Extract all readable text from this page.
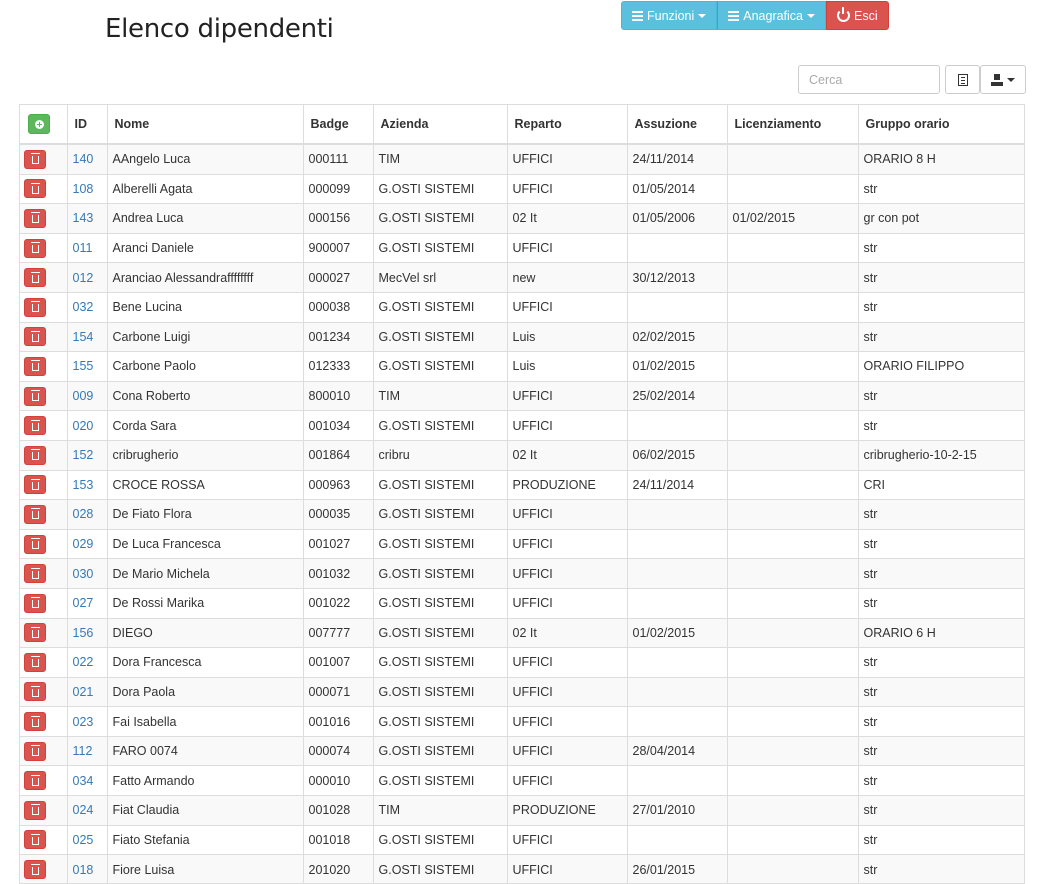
Elenco dipendenti	Funzioni	Anagrafica	Esci
Cerca
	ID	Nome	Badge	Azienda	Reparto	Assuzione	Licenziamento	Gruppo orario

	140	AAngelo Luca	000111	TIM	UFFICI	24/11/2014		ORARIO 8 H

	108	Alberelli Agata	000099	G.OSTI SISTEMI	UFFICI	01/05/2014		str

	143	Andrea Luca	000156	G.OSTI SISTEMI	02 It	01/05/2006	01/02/2015	gr con pot

	011	Aranci Daniele	900007	G.OSTI SISTEMI	UFFICI			str

	012	Aranciao Alessandraffffffff	000027	MecVel srl	new	30/12/2013		str

	032	Bene Lucina	000038	G.OSTI SISTEMI	UFFICI			str

	154	Carbone Luigi	001234	G.OSTI SISTEMI	Luis	02/02/2015		str

	155	Carbone Paolo	012333	G.OSTI SISTEMI	Luis	01/02/2015		ORARIO FILIPPO

	009	Cona Roberto	800010	TIM	UFFICI	25/02/2014		str

	020	Corda Sara	001034	G.OSTI SISTEMI	UFFICI			str

	152	cribrugherio	001864	cribru	02 It	06/02/2015		cribrugherio-10-2-15

	153	CROCE ROSSA	000963	G.OSTI SISTEMI	PRODUZIONE	24/11/2014		CRI

	028	De Fiato Flora	000035	G.OSTI SISTEMI	UFFICI			str

	029	De Luca Francesca	001027	G.OSTI SISTEMI	UFFICI			str

	030	De Mario Michela	001032	G.OSTI SISTEMI	UFFICI			str

	027	De Rossi Marika	001022	G.OSTI SISTEMI	UFFICI			str

	156	DIEGO	007777	G.OSTI SISTEMI	02 It	01/02/2015		ORARIO 6 H

	022	Dora Francesca	001007	G.OSTI SISTEMI	UFFICI			str

	021	Dora Paola	000071	G.OSTI SISTEMI	UFFICI			str

	023	Fai Isabella	001016	G.OSTI SISTEMI	UFFICI			str

	112	FARO 0074	000074	G.OSTI SISTEMI	UFFICI	28/04/2014		str

	034	Fatto Armando	000010	G.OSTI SISTEMI	UFFICI			str

	024	Fiat Claudia	001028	TIM	PRODUZIONE	27/01/2010		str

	025	Fiato Stefania	001018	G.OSTI SISTEMI	UFFICI			str

	018	Fiore Luisa	201020	G.OSTI SISTEMI	UFFICI	26/01/2015		str
